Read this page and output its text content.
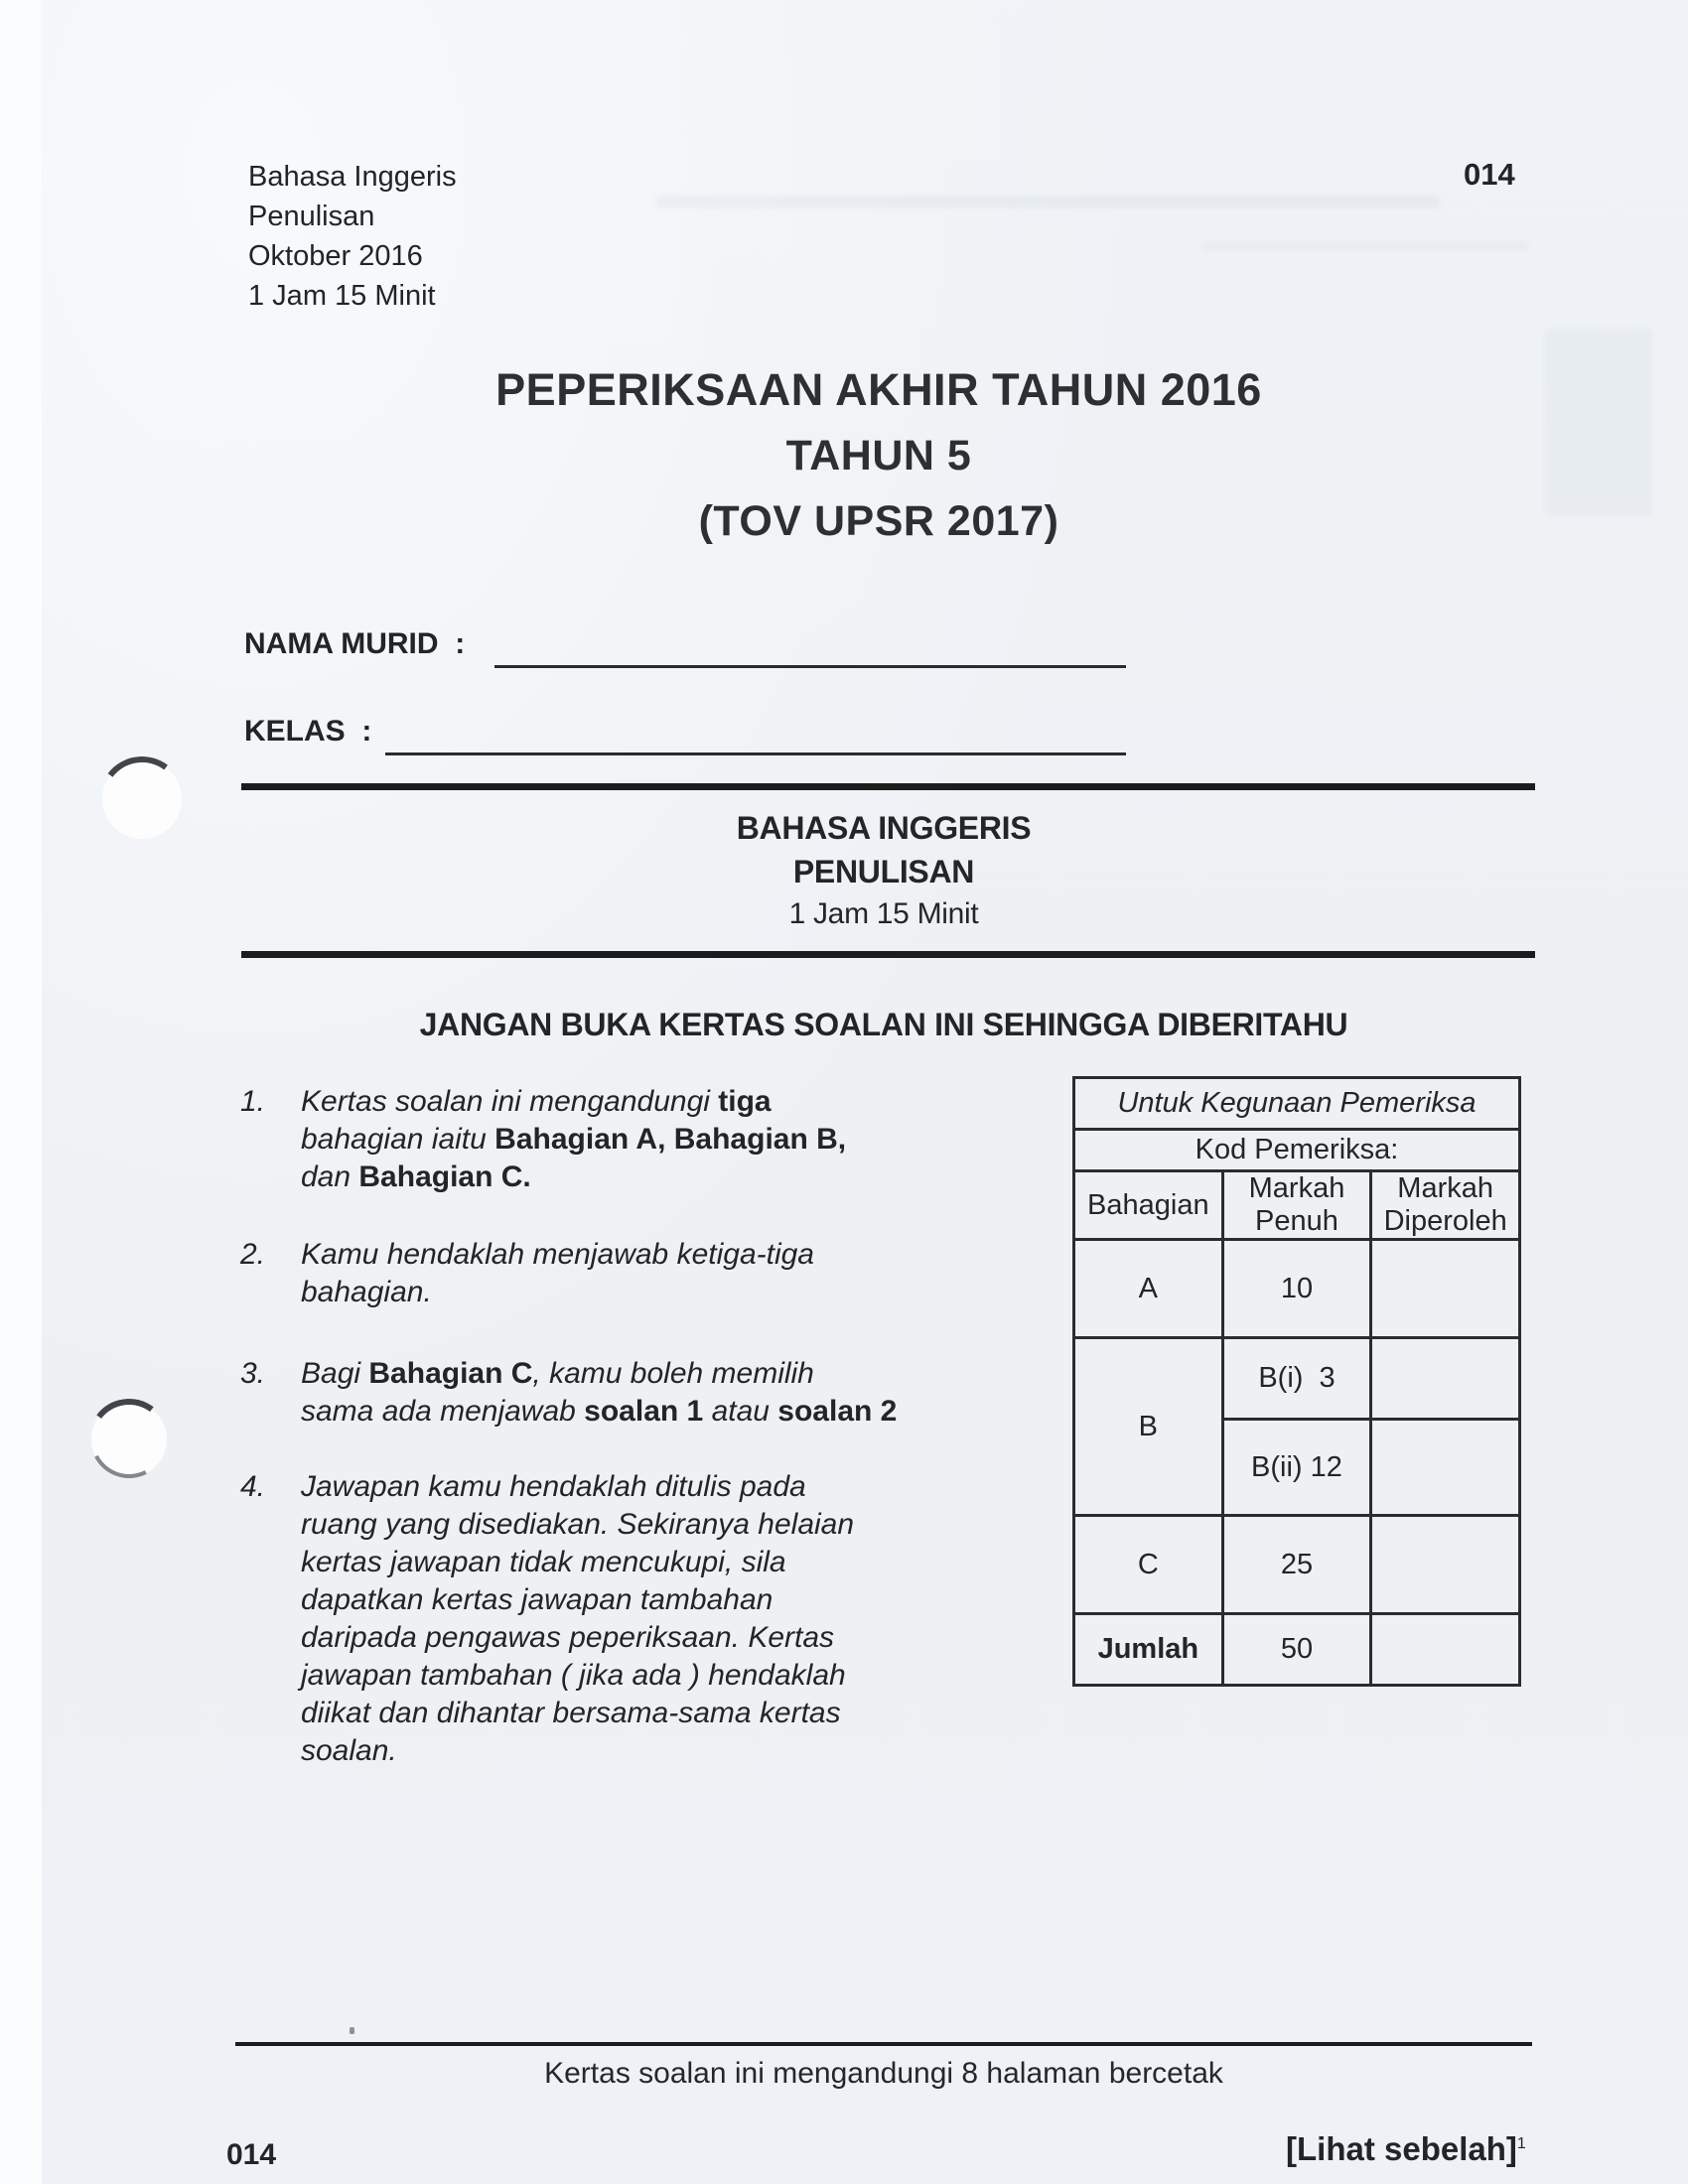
Bahasa Inggeris
Penulisan
Oktober 2016
1 Jam 15 Minit
014
PEPERIKSAAN AKHIR TAHUN 2016
TAHUN 5
(TOV UPSR 2017)
NAMA MURID  :
KELAS  :
BAHASA INGGERIS
PENULISAN
1 Jam 15 Minit
JANGAN BUKA KERTAS SOALAN INI SEHINGGA DIBERITAHU
1. Kertas soalan ini mengandungi tiga
bahagian iaitu Bahagian A, Bahagian B,
dan Bahagian C.
2. Kamu hendaklah menjawab ketiga-tiga
bahagian.
3. Bagi Bahagian C, kamu boleh memilih
sama ada menjawab soalan 1 atau soalan 2
4. Jawapan kamu hendaklah ditulis pada
ruang yang disediakan. Sekiranya helaian
kertas jawapan tidak mencukupi, sila
dapatkan kertas jawapan tambahan
daripada pengawas peperiksaan. Kertas
jawapan tambahan ( jika ada ) hendaklah
diikat dan dihantar bersama-sama kertas
soalan.
Untuk Kegunaan Pemeriksa		
Kod Pemeriksa:		
Bahagian	Markah Penuh	Markah Diperoleh
A	10	
B	B(i)  3	
	B(ii) 12	
C	25	
Jumlah	50	
Kertas soalan ini mengandungi 8 halaman bercetak
014	[Lihat sebelah]$^1$
